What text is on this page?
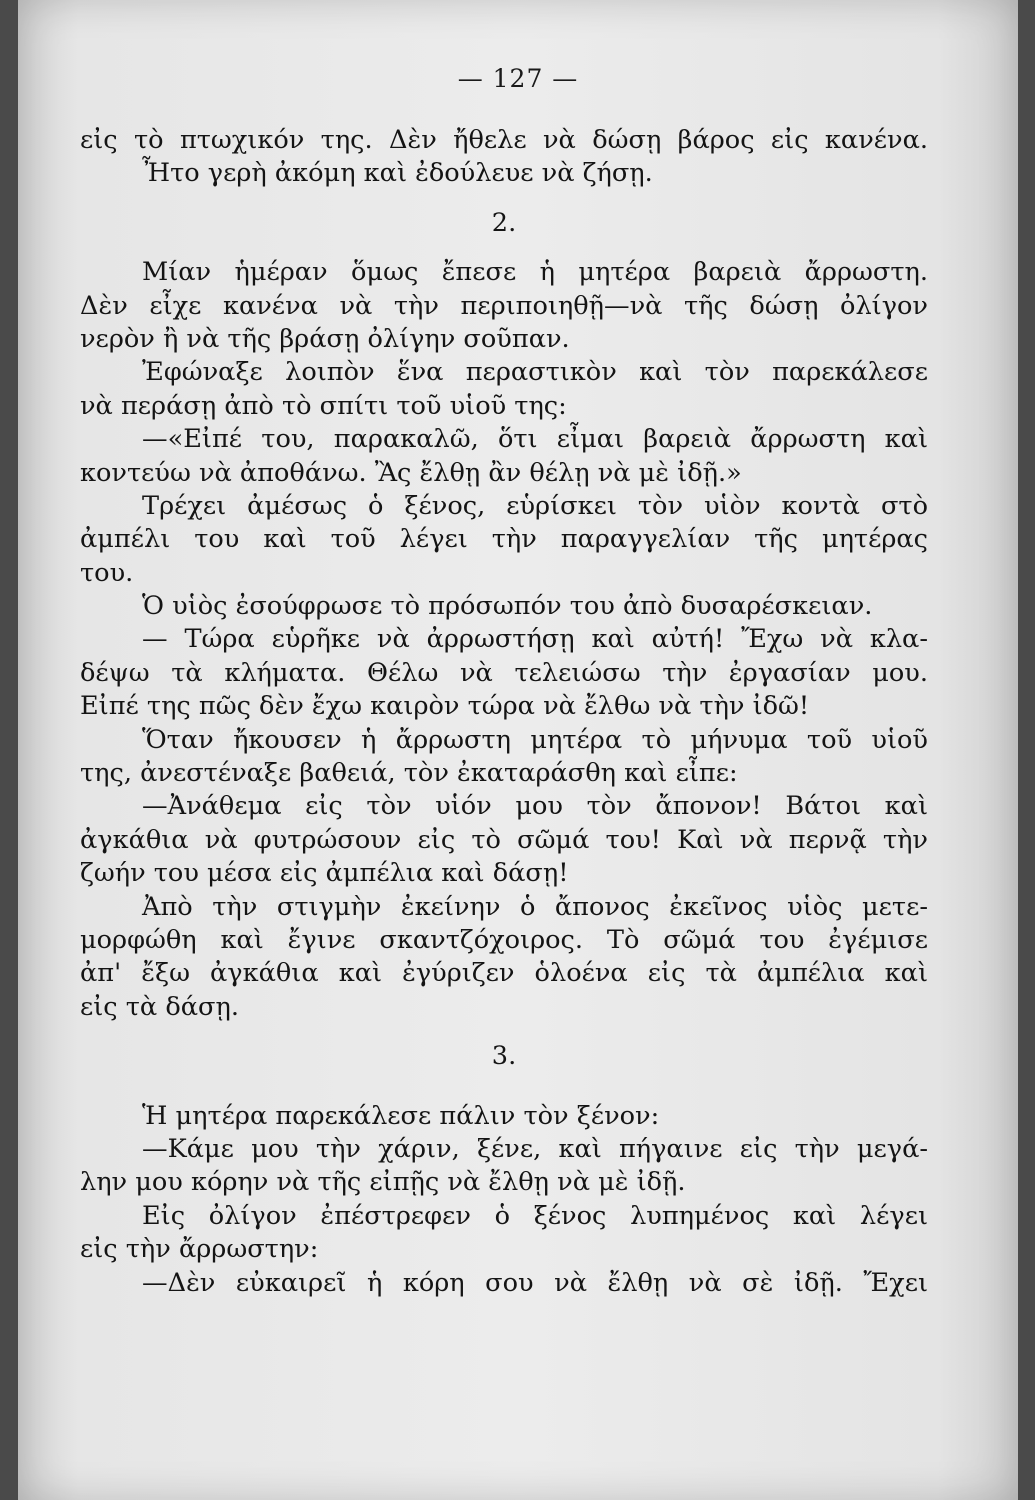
— 127 —
εἰς τὸ πτωχικόν της. Δὲν ἤθελε νὰ δώσῃ βάρος εἰς κανένα.
Ἦτο γερὴ ἀκόμη καὶ ἐδούλευε νὰ ζήσῃ.
2.
Μίαν ἡμέραν ὅμως ἔπεσε ἡ μητέρα βαρειὰ ἄρρωστη.
Δὲν εἶχε κανένα νὰ τὴν περιποιηθῇ—νὰ τῆς δώσῃ ὀλίγον
νερὸν ἢ νὰ τῆς βράσῃ ὀλίγην σοῦπαν.
Ἐφώναξε λοιπὸν ἕνα περαστικὸν καὶ τὸν παρεκάλεσε
νὰ περάσῃ ἀπὸ τὸ σπίτι τοῦ υἱοῦ της:
—«Εἰπέ του, παρακαλῶ, ὅτι εἶμαι βαρειὰ ἄρρωστη καὶ
κοντεύω νὰ ἀποθάνω. Ἂς ἔλθῃ ἂν θέλῃ νὰ μὲ ἰδῇ.»
Τρέχει ἀμέσως ὁ ξένος, εὑρίσκει τὸν υἱὸν κοντὰ στὸ
ἀμπέλι του καὶ τοῦ λέγει τὴν παραγγελίαν τῆς μητέρας
του.
Ὁ υἱὸς ἐσούφρωσε τὸ πρόσωπόν του ἀπὸ δυσαρέσκειαν.
— Τώρα εὑρῆκε νὰ ἀρρωστήσῃ καὶ αὐτή! Ἔχω νὰ κλα-
δέψω τὰ κλήματα. Θέλω νὰ τελειώσω τὴν ἐργασίαν μου.
Εἰπέ της πῶς δὲν ἔχω καιρὸν τώρα νὰ ἔλθω νὰ τὴν ἰδῶ!
Ὅταν ἤκουσεν ἡ ἄρρωστη μητέρα τὸ μήνυμα τοῦ υἱοῦ
της, ἀνεστέναξε βαθειά, τὸν ἐκαταράσθη καὶ εἶπε:
—Ἀνάθεμα εἰς τὸν υἱόν μου τὸν ἄπονον! Βάτοι καὶ
ἀγκάθια νὰ φυτρώσουν εἰς τὸ σῶμά του! Καὶ νὰ περνᾷ τὴν
ζωήν του μέσα εἰς ἀμπέλια καὶ δάσῃ!
Ἀπὸ τὴν στιγμὴν ἐκείνην ὁ ἄπονος ἐκεῖνος υἱὸς μετε-
μορφώθη καὶ ἔγινε σκαντζόχοιρος. Τὸ σῶμά του ἐγέμισε
ἀπ' ἔξω ἀγκάθια καὶ ἐγύριζεν ὁλοένα εἰς τὰ ἀμπέλια καὶ
εἰς τὰ δάσῃ.
3.
Ἡ μητέρα παρεκάλεσε πάλιν τὸν ξένον:
—Κάμε μου τὴν χάριν, ξένε, καὶ πήγαινε εἰς τὴν μεγά-
λην μου κόρην νὰ τῆς εἰπῇς νὰ ἔλθῃ νὰ μὲ ἰδῇ.
Εἰς ὀλίγον ἐπέστρεφεν ὁ ξένος λυπημένος καὶ λέγει
εἰς τὴν ἄρρωστην:
—Δὲν εὐκαιρεῖ ἡ κόρη σου νὰ ἔλθῃ νὰ σὲ ἰδῇ. Ἔχει
